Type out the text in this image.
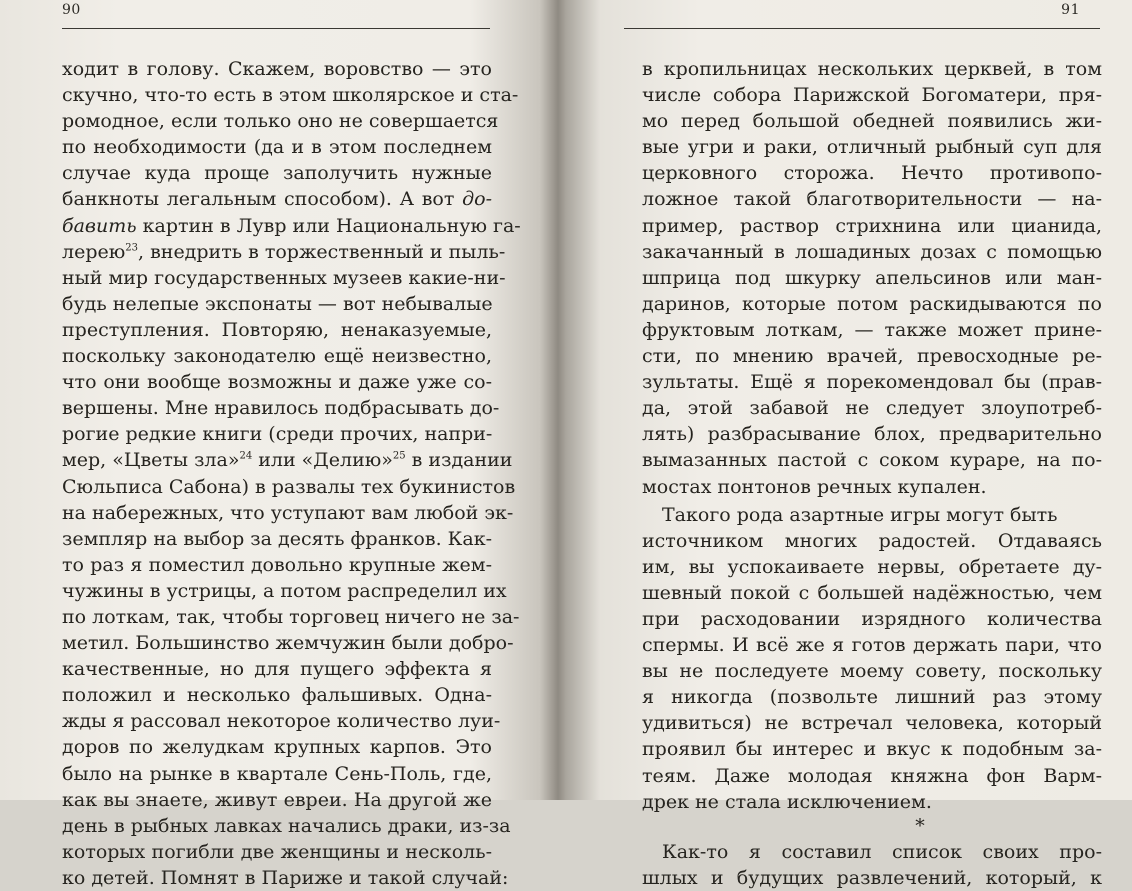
90
ходит в голову. Скажем, воровство — это
скучно, что-то есть в этом школярское и ста-
ромодное, если только оно не совершается
по необходимости (да и в этом последнем
случае куда проще заполучить нужные
банкноты легальным способом). А вот до-
бавить картин в Лувр или Национальную га-
лерею$^{23}$, внедрить в торжественный и пыль-
ный мир государственных музеев какие-ни-
будь нелепые экспонаты — вот небывалые
преступления. Повторяю, ненаказуемые,
поскольку законодателю ещё неизвестно,
что они вообще возможны и даже уже со-
вершены. Мне нравилось подбрасывать до-
рогие редкие книги (среди прочих, напри-
мер, «Цветы зла»$^{24}$ или «Делию»$^{25}$ в издании
Сюльписа Сабона) в развалы тех букинистов
на набережных, что уступают вам любой эк-
земпляр на выбор за десять франков. Как-
то раз я поместил довольно крупные жем-
чужины в устрицы, а потом распределил их
по лоткам, так, чтобы торговец ничего не за-
метил. Большинство жемчужин были добро-
качественные, но для пущего эффекта я
положил и несколько фальшивых. Однa-
жды я рассовал некоторое количество луи-
доров по желудкам крупных карпов. Это
было на рынке в квартале Сень-Поль, где,
как вы знаете, живут евреи. На другой же
день в рыбных лавках начались драки, из-за
которых погибли две женщины и несколь-
ко детей. Помнят в Париже и такой случай:
91
в кропильницах нескольких церквей, в том
числе собора Парижской Богоматери, пря-
мо перед большой обедней появились жи-
вые угри и раки, отличный рыбный суп для
церковного сторожа. Нечто противопо-
ложное такой благотворительности — на-
пример, раствор стрихнина или цианида,
закачанный в лошадиных дозах с помощью
шприца под шкурку апельсинов или ман-
даринов, которые потом раскидываются по
фруктовым лоткам, — также может прине-
сти, по мнению врачей, превосходные ре-
зультаты. Ещё я порекомендовал бы (прав-
да, этой забавой не следует злоупотреб-
лять) разбрасывание блох, предварительно
вымазанных пастой с соком кураре, на по-
мостах понтонов речных купален.
Такого рода азартные игры могут быть
источником многих радостей. Отдаваясь
им, вы успокаиваете нервы, обретаете ду-
шевный покой с большей надёжностью, чем
при расходовании изрядного количества
спермы. И всё же я готов держать пари, что
вы не последуете моему совету, поскольку
я никогда (позвольте лишний раз этому
удивиться) не встречал человека, который
проявил бы интерес и вкус к подобным за-
теям. Даже молодая княжна фон Варм-
дрек не стала исключением.
*
Как-то я составил список своих про-
шлых и будущих развлечений, который, к
